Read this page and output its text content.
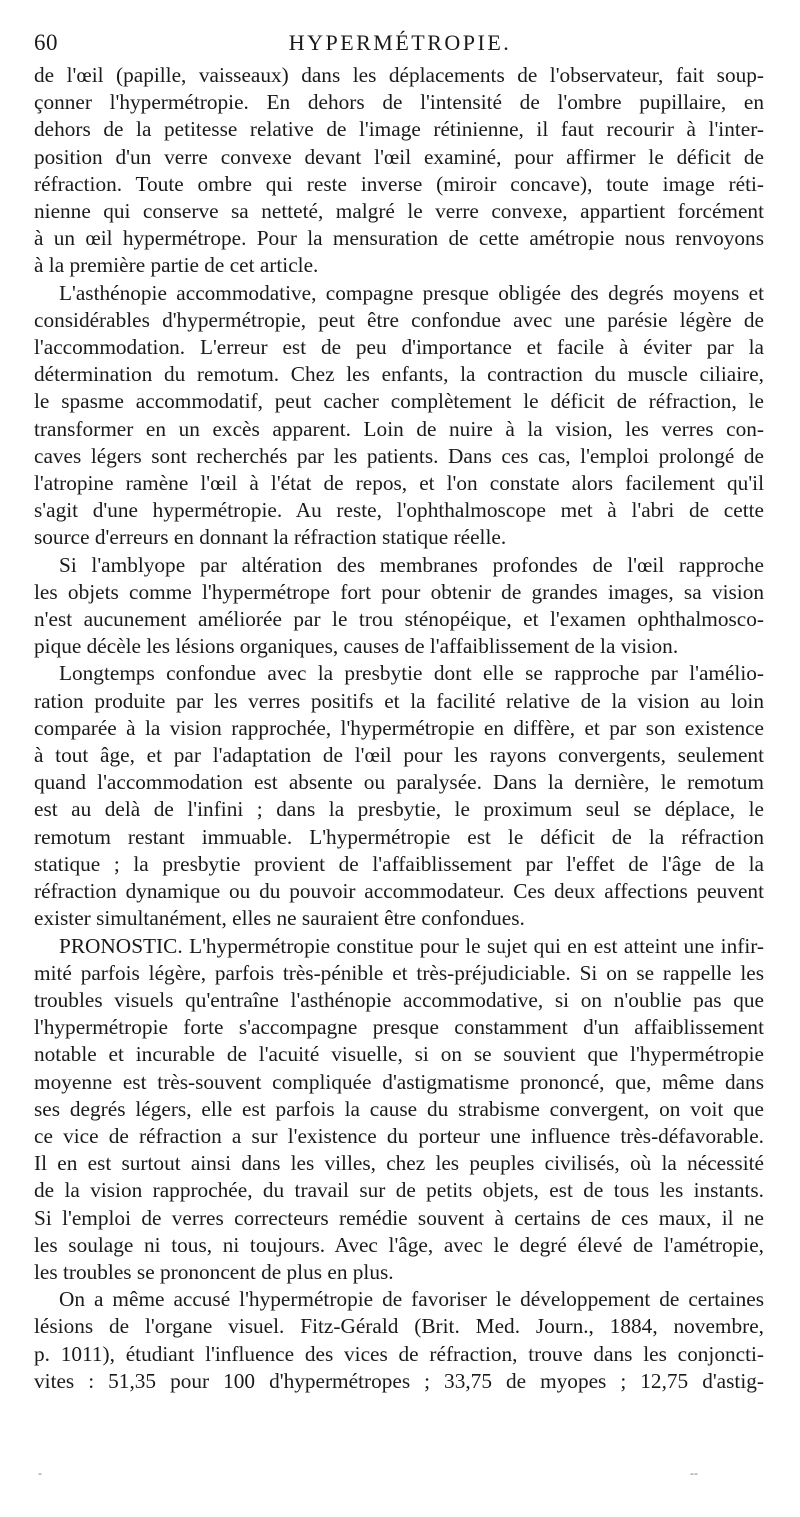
60	HYPERMÉTROPIE.
de l'œil (papille, vaisseaux) dans les déplacements de l'observateur, fait soup-
çonner l'hypermétropie. En dehors de l'intensité de l'ombre pupillaire, en
dehors de la petitesse relative de l'image rétinienne, il faut recourir à l'inter-
position d'un verre convexe devant l'œil examiné, pour affirmer le déficit de
réfraction. Toute ombre qui reste inverse (miroir concave), toute image réti-
nienne qui conserve sa netteté, malgré le verre convexe, appartient forcément
à un œil hypermétrope. Pour la mensuration de cette amétropie nous renvoyons
à la première partie de cet article.
L'asthénopie accommodative, compagne presque obligée des degrés moyens et
considérables d'hypermétropie, peut être confondue avec une parésie légère de
l'accommodation. L'erreur est de peu d'importance et facile à éviter par la
détermination du remotum. Chez les enfants, la contraction du muscle ciliaire,
le spasme accommodatif, peut cacher complètement le déficit de réfraction, le
transformer en un excès apparent. Loin de nuire à la vision, les verres con-
caves légers sont recherchés par les patients. Dans ces cas, l'emploi prolongé de
l'atropine ramène l'œil à l'état de repos, et l'on constate alors facilement qu'il
s'agit d'une hypermétropie. Au reste, l'ophthalmoscope met à l'abri de cette
source d'erreurs en donnant la réfraction statique réelle.
Si l'amblyope par altération des membranes profondes de l'œil rapproche
les objets comme l'hypermétrope fort pour obtenir de grandes images, sa vision
n'est aucunement améliorée par le trou sténopéique, et l'examen ophthalmosco-
pique décèle les lésions organiques, causes de l'affaiblissement de la vision.
Longtemps confondue avec la presbytie dont elle se rapproche par l'amélio-
ration produite par les verres positifs et la facilité relative de la vision au loin
comparée à la vision rapprochée, l'hypermétropie en diffère, et par son existence
à tout âge, et par l'adaptation de l'œil pour les rayons convergents, seulement
quand l'accommodation est absente ou paralysée. Dans la dernière, le remotum
est au delà de l'infini ; dans la presbytie, le proximum seul se déplace, le
remotum restant immuable. L'hypermétropie est le déficit de la réfraction
statique ; la presbytie provient de l'affaiblissement par l'effet de l'âge de la
réfraction dynamique ou du pouvoir accommodateur. Ces deux affections peuvent
exister simultanément, elles ne sauraient être confondues.
PRONOSTIC. L'hypermétropie constitue pour le sujet qui en est atteint une infir-
mité parfois légère, parfois très-pénible et très-préjudiciable. Si on se rappelle les
troubles visuels qu'entraîne l'asthénopie accommodative, si on n'oublie pas que
l'hypermétropie forte s'accompagne presque constamment d'un affaiblissement
notable et incurable de l'acuité visuelle, si on se souvient que l'hypermétropie
moyenne est très-souvent compliquée d'astigmatisme prononcé, que, même dans
ses degrés légers, elle est parfois la cause du strabisme convergent, on voit que
ce vice de réfraction a sur l'existence du porteur une influence très-défavorable.
Il en est surtout ainsi dans les villes, chez les peuples civilisés, où la nécessité
de la vision rapprochée, du travail sur de petits objets, est de tous les instants.
Si l'emploi de verres correcteurs remédie souvent à certains de ces maux, il ne
les soulage ni tous, ni toujours. Avec l'âge, avec le degré élevé de l'amétropie,
les troubles se prononcent de plus en plus.
On a même accusé l'hypermétropie de favoriser le développement de certaines
lésions de l'organe visuel. Fitz-Gérald (Brit. Med. Journ., 1884, novembre,
p. 1011), étudiant l'influence des vices de réfraction, trouve dans les conjoncti-
vites : 51,35 pour 100 d'hypermétropes ; 33,75 de myopes ; 12,75 d'astig-
-	--
